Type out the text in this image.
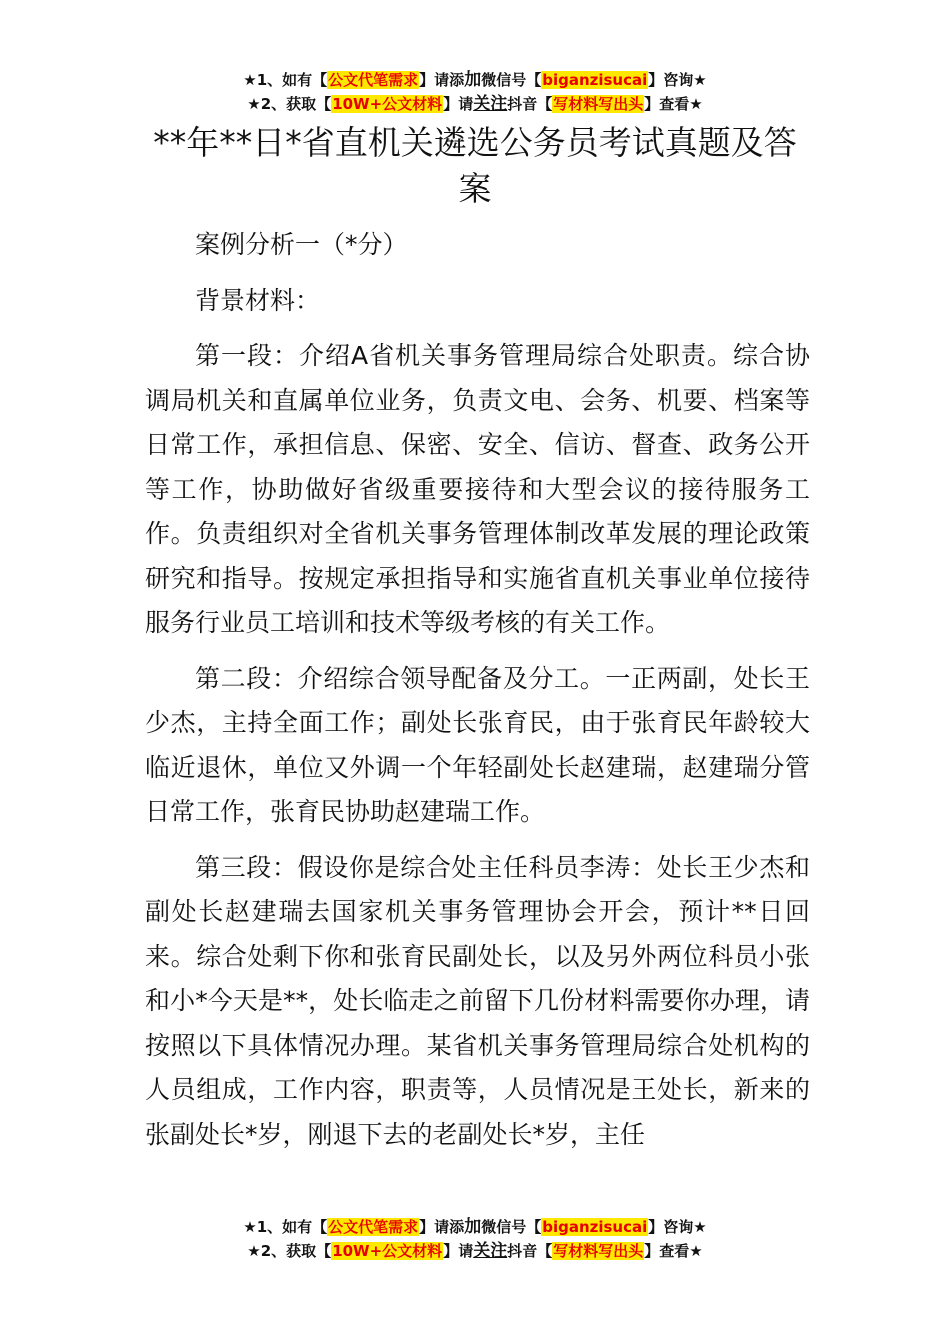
★1、如有【公文代笔需求】请添加微信号【biganzisucai】咨询★
★2、获取【10W+公文材料】请关注抖音【写材料写出头】查看★
**年**日*省直机关遴选公务员考试真题及答案

案例分析一（*分）

背景材料：

第一段：介绍A省机关事务管理局综合处职责。综合协调局机关和直属单位业务，负责文电、会务、机要、档案等日常工作，承担信息、保密、安全、信访、督查、政务公开等工作，协助做好省级重要接待和大型会议的接待服务工作。负责组织对全省机关事务管理体制改革发展的理论政策研究和指导。按规定承担指导和实施省直机关事业单位接待服务行业员工培训和技术等级考核的有关工作。

第二段：介绍综合领导配备及分工。一正两副，处长王少杰，主持全面工作；副处长张育民，由于张育民年龄较大临近退休，单位又外调一个年轻副处长赵建瑞，赵建瑞分管日常工作，张育民协助赵建瑞工作。

第三段：假设你是综合处主任科员李涛：处长王少杰和副处长赵建瑞去国家机关事务管理协会开会，预计**日回来。综合处剩下你和张育民副处长，以及另外两位科员小张和小*今天是**，处长临走之前留下几份材料需要你办理，请按照以下具体情况办理。某省机关事务管理局综合处机构的人员组成，工作内容，职责等，人员情况是王处长，新来的张副处长*岁，刚退下去的老副处长*岁，主任

★1、如有【公文代笔需求】请添加微信号【biganzisucai】咨询★
★2、获取【10W+公文材料】请关注抖音【写材料写出头】查看★
